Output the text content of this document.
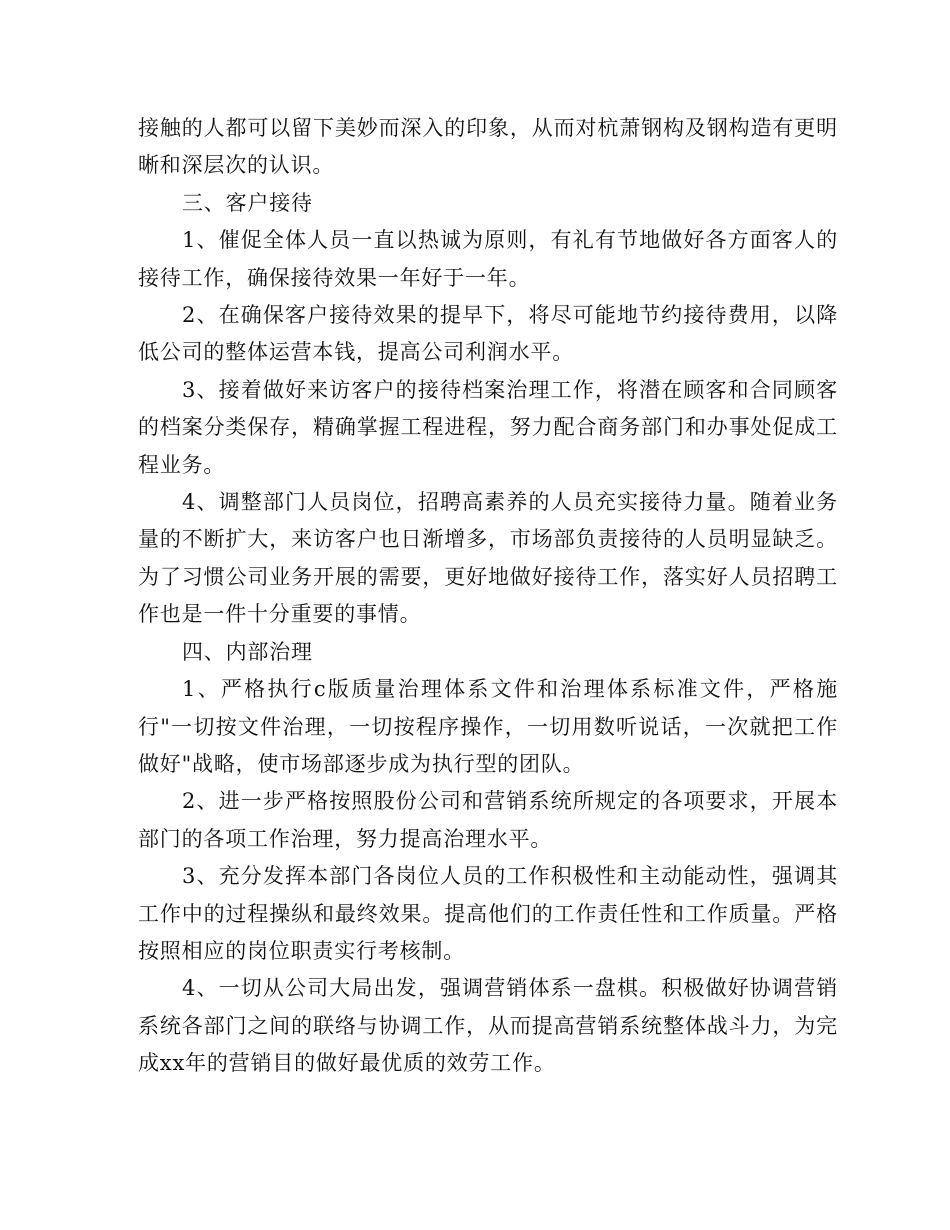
接触的人都可以留下美妙而深入的印象，从而对杭萧钢构及钢构造有更明晰和深层次的认识。

三、客户接待

1、催促全体人员一直以热诚为原则，有礼有节地做好各方面客人的接待工作，确保接待效果一年好于一年。

2、在确保客户接待效果的提早下，将尽可能地节约接待费用，以降低公司的整体运营本钱，提高公司利润水平。

3、接着做好来访客户的接待档案治理工作，将潜在顾客和合同顾客的档案分类保存，精确掌握工程进程，努力配合商务部门和办事处促成工程业务。

4、调整部门人员岗位，招聘高素养的人员充实接待力量。随着业务量的不断扩大，来访客户也日渐增多，市场部负责接待的人员明显缺乏。为了习惯公司业务开展的需要，更好地做好接待工作，落实好人员招聘工作也是一件十分重要的事情。

四、内部治理

1、严格执行c版质量治理体系文件和治理体系标准文件，严格施行"一切按文件治理，一切按程序操作，一切用数听说话，一次就把工作做好"战略，使市场部逐步成为执行型的团队。

2、进一步严格按照股份公司和营销系统所规定的各项要求，开展本部门的各项工作治理，努力提高治理水平。

3、充分发挥本部门各岗位人员的工作积极性和主动能动性，强调其工作中的过程操纵和最终效果。提高他们的工作责任性和工作质量。严格按照相应的岗位职责实行考核制。

4、一切从公司大局出发，强调营销体系一盘棋。积极做好协调营销系统各部门之间的联络与协调工作，从而提高营销系统整体战斗力，为完成xx年的营销目的做好最优质的效劳工作。
